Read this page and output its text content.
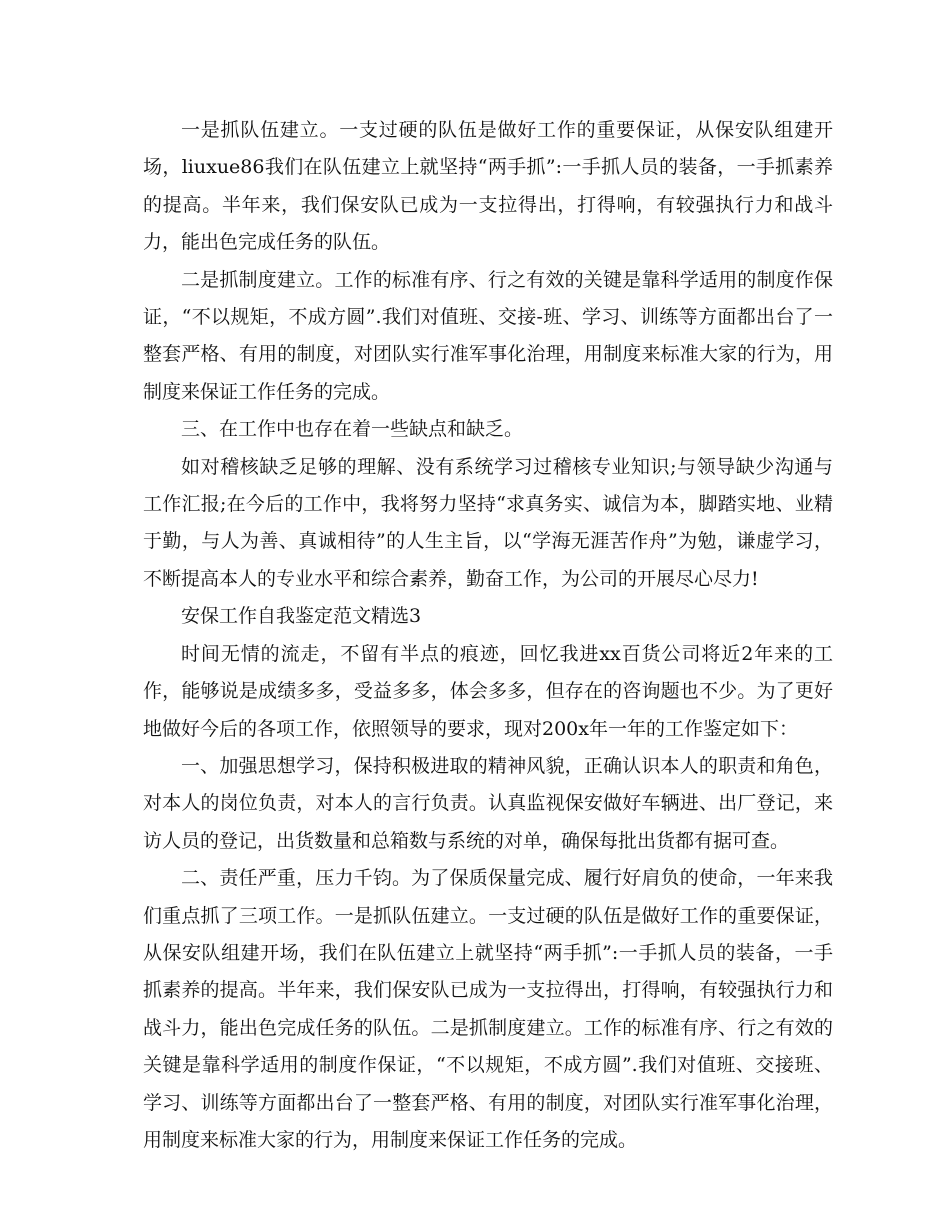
一是抓队伍建立。一支过硬的队伍是做好工作的重要保证，从保安队组建开场，liuxue86我们在队伍建立上就坚持“两手抓”:一手抓人员的装备，一手抓素养的提高。半年来，我们保安队已成为一支拉得出，打得响，有较强执行力和战斗力，能出色完成任务的队伍。

二是抓制度建立。工作的标准有序、行之有效的关键是靠科学适用的制度作保证，“不以规矩，不成方圆”.我们对值班、交接-班、学习、训练等方面都出台了一整套严格、有用的制度，对团队实行准军事化治理，用制度来标准大家的行为，用制度来保证工作任务的完成。

三、在工作中也存在着一些缺点和缺乏。

如对稽核缺乏足够的理解、没有系统学习过稽核专业知识;与领导缺少沟通与工作汇报;在今后的工作中，我将努力坚持“求真务实、诚信为本，脚踏实地、业精于勤，与人为善、真诚相待”的人生主旨，以“学海无涯苦作舟”为勉，谦虚学习，不断提高本人的专业水平和综合素养，勤奋工作，为公司的开展尽心尽力!

安保工作自我鉴定范文精选3

时间无情的流走，不留有半点的痕迹，回忆我进xx百货公司将近2年来的工作，能够说是成绩多多，受益多多，体会多多，但存在的咨询题也不少。为了更好地做好今后的各项工作，依照领导的要求，现对200x年一年的工作鉴定如下：

一、加强思想学习，保持积极进取的精神风貌，正确认识本人的职责和角色，对本人的岗位负责，对本人的言行负责。认真监视保安做好车辆进、出厂登记，来访人员的登记，出货数量和总箱数与系统的对单，确保每批出货都有据可查。

二、责任严重，压力千钧。为了保质保量完成、履行好肩负的使命，一年来我们重点抓了三项工作。一是抓队伍建立。一支过硬的队伍是做好工作的重要保证，从保安队组建开场，我们在队伍建立上就坚持“两手抓”:一手抓人员的装备，一手抓素养的提高。半年来，我们保安队已成为一支拉得出，打得响，有较强执行力和战斗力，能出色完成任务的队伍。二是抓制度建立。工作的标准有序、行之有效的关键是靠科学适用的制度作保证，“不以规矩，不成方圆”.我们对值班、交接班、学习、训练等方面都出台了一整套严格、有用的制度，对团队实行准军事化治理，用制度来标准大家的行为，用制度来保证工作任务的完成。
